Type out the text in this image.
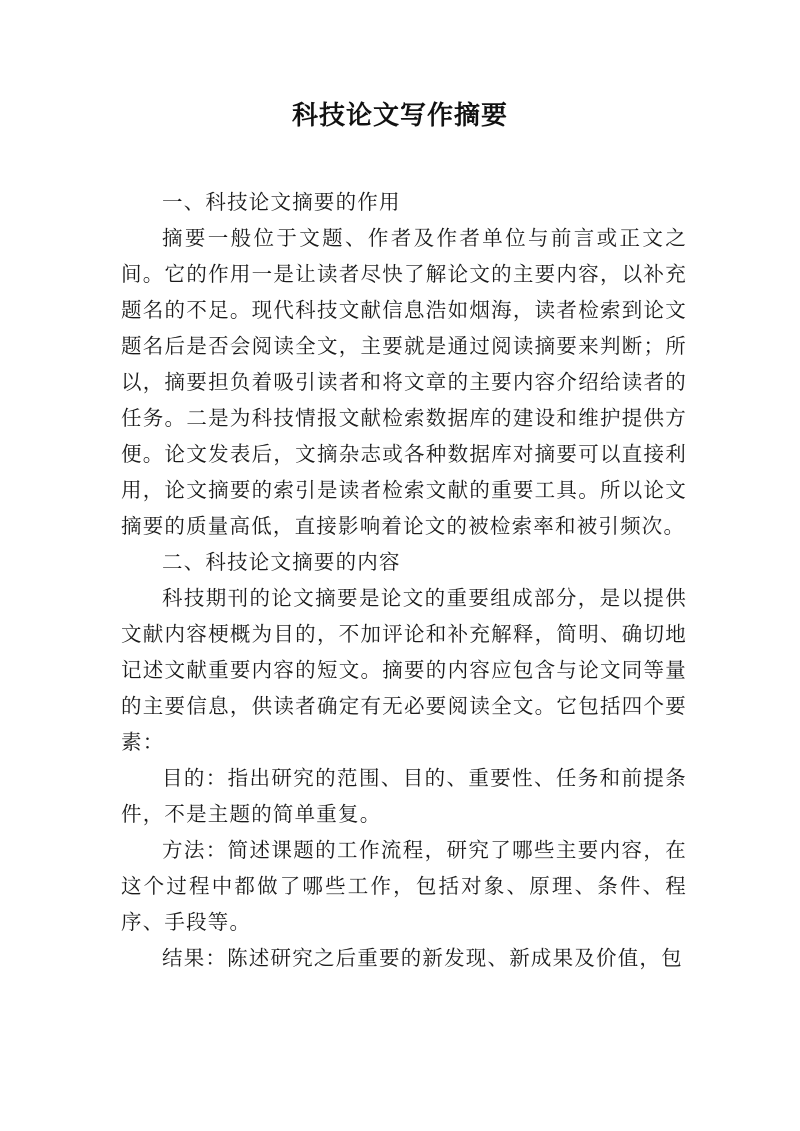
科技论文写作摘要

一、科技论文摘要的作用

摘要一般位于文题、作者及作者单位与前言或正文之间。它的作用一是让读者尽快了解论文的主要内容，以补充题名的不足。现代科技文献信息浩如烟海，读者检索到论文题名后是否会阅读全文，主要就是通过阅读摘要来判断；所以，摘要担负着吸引读者和将文章的主要内容介绍给读者的任务。二是为科技情报文献检索数据库的建设和维护提供方便。论文发表后，文摘杂志或各种数据库对摘要可以直接利用，论文摘要的索引是读者检索文献的重要工具。所以论文摘要的质量高低，直接影响着论文的被检索率和被引频次。

二、科技论文摘要的内容

科技期刊的论文摘要是论文的重要组成部分，是以提供文献内容梗概为目的，不加评论和补充解释，简明、确切地记述文献重要内容的短文。摘要的内容应包含与论文同等量的主要信息，供读者确定有无必要阅读全文。它包括四个要素：

目的：指出研究的范围、目的、重要性、任务和前提条件，不是主题的简单重复。

方法：简述课题的工作流程，研究了哪些主要内容，在这个过程中都做了哪些工作，包括对象、原理、条件、程序、手段等。

结果：陈述研究之后重要的新发现、新成果及价值，包
